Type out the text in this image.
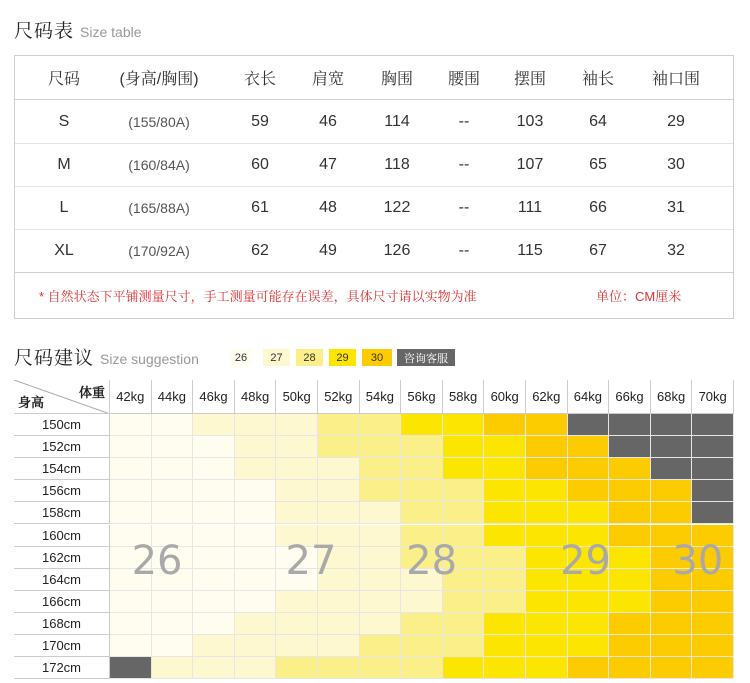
尺码表 Size table
尺码	(身高/胸围)	衣长	肩宽	胸围	腰围	摆围	袖长	袖口围
S	(155/80A)	59	46	114	--	103	64	29
M	(160/84A)	60	47	118	--	107	65	30
L	(165/88A)	61	48	122	--	111	66	31
XL	(170/92A)	62	49	126	--	115	67	32
* 自然状态下平铺测量尺寸，手工测量可能存在误差，具体尺寸请以实物为准	单位：CM厘米
尺码建议 Size suggestion	26	27	28	29	30	咨询客服
体重
身高	42kg	44kg	46kg	48kg	50kg	52kg	54kg	56kg	58kg	60kg	62kg	64kg	66kg	68kg	70kg
150cm
152cm
154cm
156cm
158cm
160cm
162cm
164cm
166cm
168cm
170cm
172cm
26	27 28	29 30
